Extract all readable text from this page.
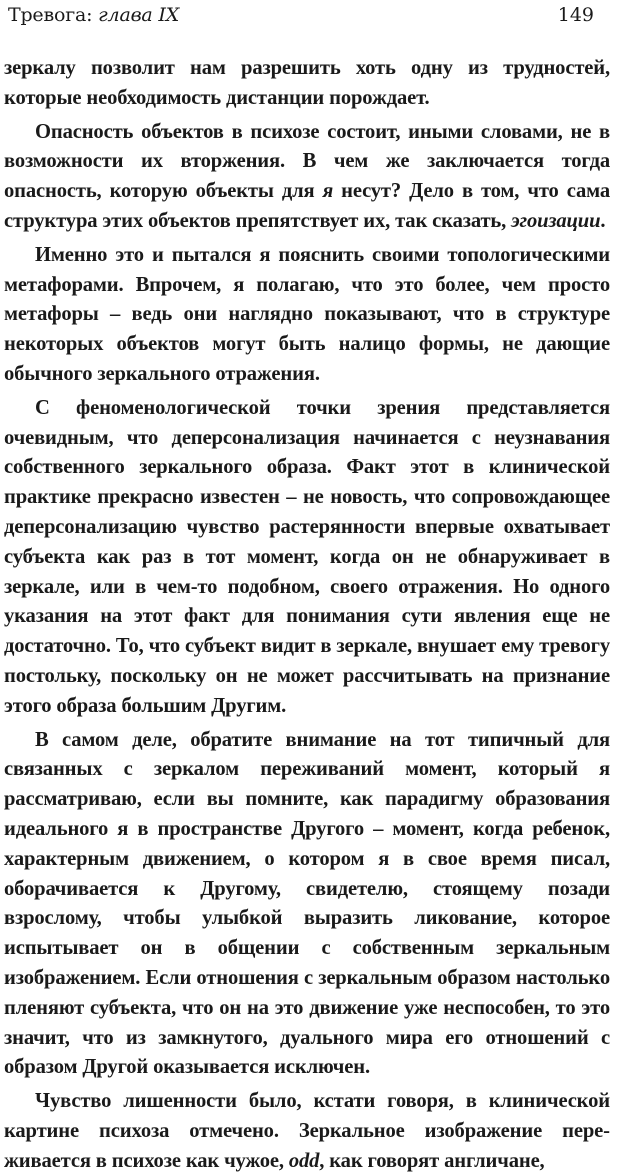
Тревога: глава IX	149

зеркалу позволит нам разрешить хоть одну из трудностей, которые необходимость дистанции порождает.

Опасность объектов в психозе состоит, иными словами, не в возможности их вторжения. В чем же заключается тогда опасность, которую объекты для я несут? Дело в том, что сама структура этих объектов препятствует их, так сказать, эгоизации.

Именно это и пытался я пояснить своими топологическими метафорами. Впрочем, я полагаю, что это более, чем просто метафоры – ведь они наглядно показывают, что в структуре некоторых объектов могут быть налицо формы, не дающие обычного зеркального отражения.

С феноменологической точки зрения представляется очевидным, что деперсонализация начинается с неузнавания собственного зеркального образа. Факт этот в клинической практике прекрасно известен – не новость, что сопровождающее деперсонализацию чувство растерянности впервые охватывает субъекта как раз в тот момент, когда он не обнаруживает в зеркале, или в чем-то подобном, своего отражения. Но одного указания на этот факт для понимания сути явления еще не достаточно. То, что субъект видит в зеркале, внушает ему тревогу постольку, поскольку он не может рассчитывать на признание этого образа большим Другим.

В самом деле, обратите внимание на тот типичный для связанных с зеркалом переживаний момент, который я рассматриваю, если вы помните, как парадигму образования идеального я в пространстве Другого – момент, когда ребенок, характерным движением, о котором я в свое время писал, оборачивается к Другому, свидетелю, стоящему позади взрослому, чтобы улыбкой выразить ликование, которое испытывает он в общении с собственным зеркальным изображением. Если отношения с зеркальным образом настолько пленяют субъекта, что он на это движение уже неспособен, то это значит, что из замкнутого, дуального мира его отношений с образом Другой оказывается исключен.

Чувство лишенности было, кстати говоря, в клинической картине психоза отмечено. Зеркальное изображение переживается в психозе как чужое, odd, как говорят англичане,
